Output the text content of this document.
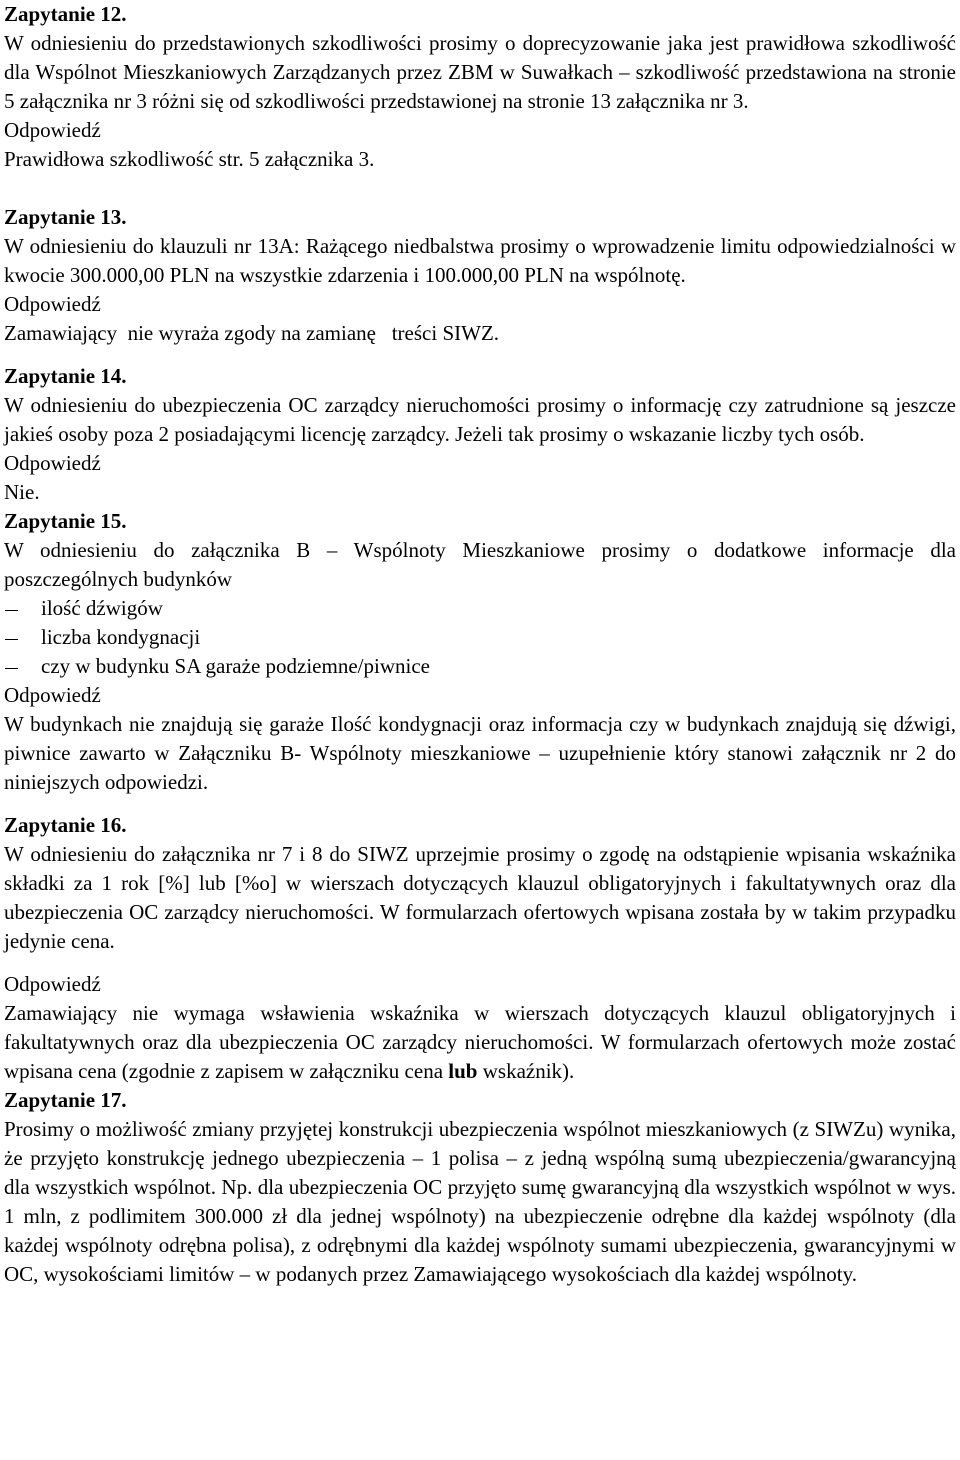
Zapytanie 12.

W odniesieniu do przedstawionych szkodliwości prosimy o doprecyzowanie jaka jest prawidłowa szkodliwość dla Wspólnot Mieszkaniowych Zarządzanych przez ZBM w Suwałkach – szkodliwość przedstawiona na stronie 5 załącznika nr 3 różni się od szkodliwości przedstawionej na stronie 13 załącznika nr 3.

Odpowiedź

Prawidłowa szkodliwość str. 5 załącznika 3.

Zapytanie 13.

W odniesieniu do klauzuli nr 13A: Rażącego niedbalstwa prosimy o wprowadzenie limitu odpowiedzialności w kwocie 300.000,00 PLN na wszystkie zdarzenia i 100.000,00 PLN na wspólnotę.

Odpowiedź

Zamawiający  nie wyraża zgody na zamianę   treści SIWZ.

Zapytanie 14.

W odniesieniu do ubezpieczenia OC zarządcy nieruchomości prosimy o informację czy zatrudnione są jeszcze jakieś osoby poza 2 posiadającymi licencję zarządcy. Jeżeli tak prosimy o wskazanie liczby tych osób.

Odpowiedź

Nie.

Zapytanie 15.

W odniesieniu do załącznika B – Wspólnoty Mieszkaniowe prosimy o dodatkowe informacje dla poszczególnych budynków

ilość dźwigów
liczba kondygnacji
czy w budynku SA garaże podziemne/piwnice

Odpowiedź

W budynkach nie znajdują się garaże Ilość kondygnacji oraz informacja czy w budynkach znajdują się dźwigi, piwnice zawarto w Załączniku B- Wspólnoty mieszkaniowe – uzupełnienie który stanowi załącznik nr 2 do niniejszych odpowiedzi.

Zapytanie 16.

W odniesieniu do załącznika nr 7 i 8 do SIWZ uprzejmie prosimy o zgodę na odstąpienie wpisania wskaźnika składki za 1 rok [%] lub [%o] w wierszach dotyczących klauzul obligatoryjnych i fakultatywnych oraz dla ubezpieczenia OC zarządcy nieruchomości. W formularzach ofertowych wpisana została by w takim przypadku jedynie cena.

Odpowiedź

Zamawiający nie wymaga wsławienia wskaźnika w wierszach dotyczących klauzul obligatoryjnych i fakultatywnych oraz dla ubezpieczenia OC zarządcy nieruchomości. W formularzach ofertowych może zostać wpisana cena (zgodnie z zapisem w załączniku cena lub wskaźnik).

Zapytanie 17.

Prosimy o możliwość zmiany przyjętej konstrukcji ubezpieczenia wspólnot mieszkaniowych (z SIWZu) wynika, że przyjęto konstrukcję jednego ubezpieczenia – 1 polisa – z jedną wspólną sumą ubezpieczenia/gwarancyjną dla wszystkich wspólnot. Np. dla ubezpieczenia OC przyjęto sumę gwarancyjną dla wszystkich wspólnot w wys. 1 mln, z podlimitem 300.000 zł dla jednej wspólnoty) na ubezpieczenie odrębne dla każdej wspólnoty (dla każdej wspólnoty odrębna polisa), z odrębnymi dla każdej wspólnoty sumami ubezpieczenia, gwarancyjnymi w OC, wysokościami limitów – w podanych przez Zamawiającego wysokościach dla każdej wspólnoty.
